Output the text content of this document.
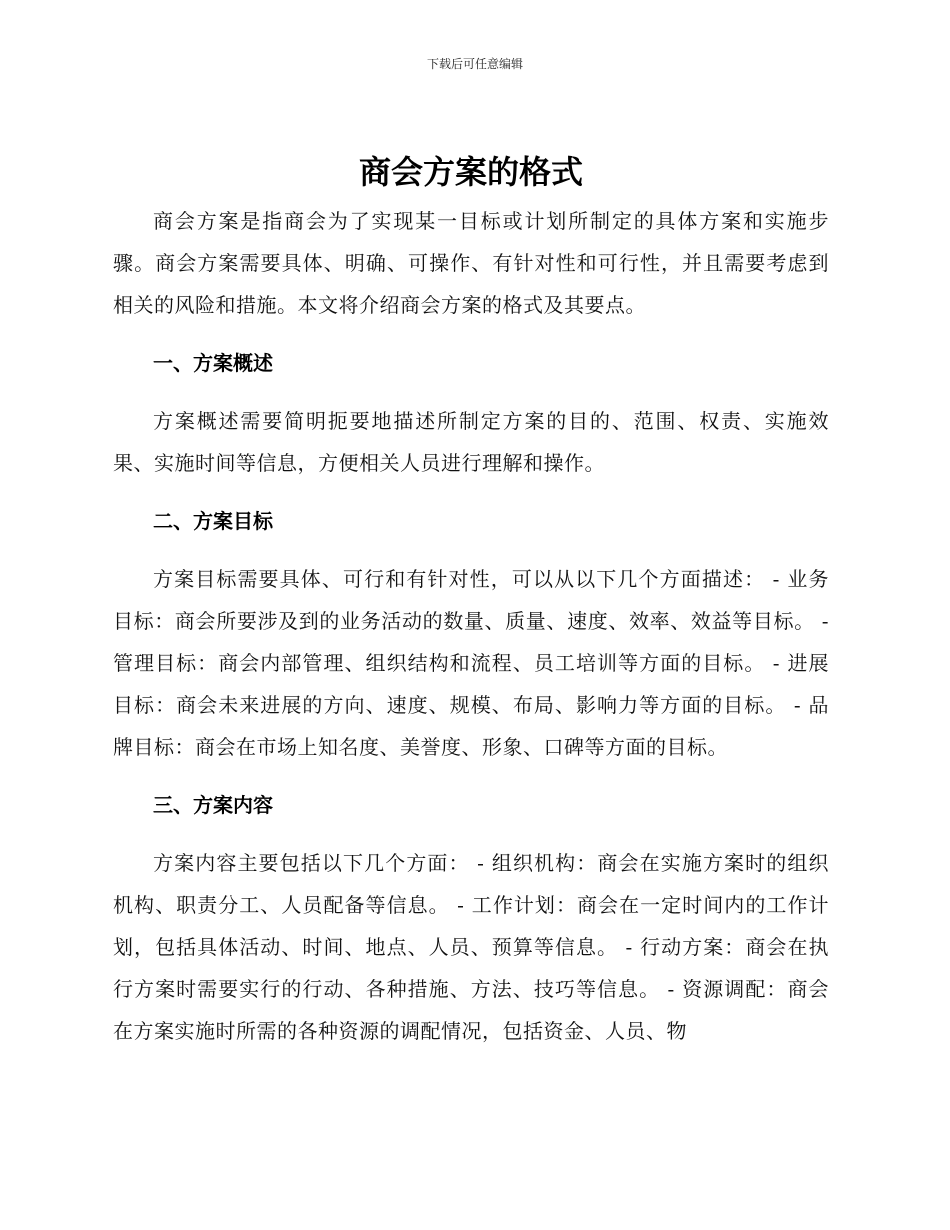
下载后可任意编辑
商会方案的格式

商会方案是指商会为了实现某一目标或计划所制定的具体方案和实施步骤。商会方案需要具体、明确、可操作、有针对性和可行性，并且需要考虑到相关的风险和措施。本文将介绍商会方案的格式及其要点。

一、方案概述

方案概述需要简明扼要地描述所制定方案的目的、范围、权责、实施效果、实施时间等信息，方便相关人员进行理解和操作。

二、方案目标

方案目标需要具体、可行和有针对性，可以从以下几个方面描述： - 业务目标：商会所要涉及到的业务活动的数量、质量、速度、效率、效益等目标。 - 管理目标：商会内部管理、组织结构和流程、员工培训等方面的目标。 - 进展目标：商会未来进展的方向、速度、规模、布局、影响力等方面的目标。 - 品牌目标：商会在市场上知名度、美誉度、形象、口碑等方面的目标。

三、方案内容

方案内容主要包括以下几个方面： - 组织机构：商会在实施方案时的组织机构、职责分工、人员配备等信息。 - 工作计划：商会在一定时间内的工作计划，包括具体活动、时间、地点、人员、预算等信息。 - 行动方案：商会在执行方案时需要实行的行动、各种措施、方法、技巧等信息。 - 资源调配：商会在方案实施时所需的各种资源的调配情况，包括资金、人员、物
